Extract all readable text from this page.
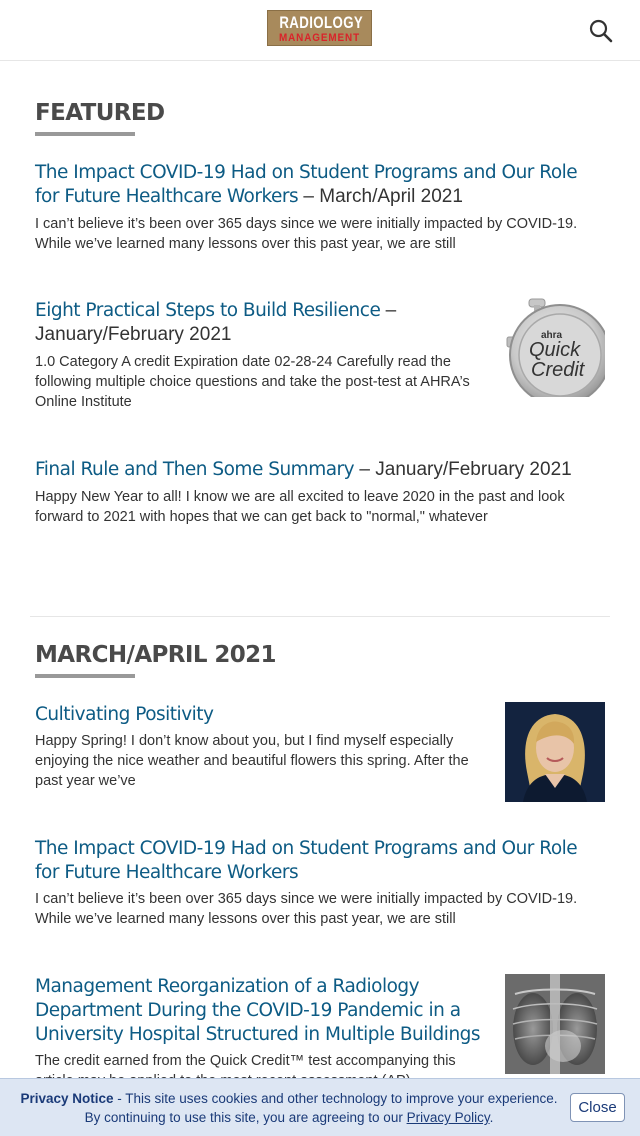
RADIOLOGY
MANAGEMENT
FEATURED
The Impact COVID-19 Had on Student Programs and Our Role for Future Healthcare Workers – March/April 2021
I can’t believe it’s been over 365 days since we were initially impacted by COVID-19. While we’ve learned many lessons over this past year, we are still
Eight Practical Steps to Build Resilience –
January/February 2021
1.0 Category A credit Expiration date 02-28-24 Carefully read the following multiple choice questions and take the post-test at AHRA’s Online Institute
ahra
Quick
Credit
Final Rule and Then Some Summary – January/February 2021
Happy New Year to all! I know we are all excited to leave 2020 in the past and look forward to 2021 with hopes that we can get back to "normal," whatever
MARCH/APRIL 2021
Cultivating Positivity
Happy Spring! I don’t know about you, but I find myself especially enjoying the nice weather and beautiful flowers this spring. After the past year we’ve
The Impact COVID-19 Had on Student Programs and Our Role for Future Healthcare Workers
I can’t believe it’s been over 365 days since we were initially impacted by COVID-19. While we’ve learned many lessons over this past year, we are still
Management Reorganization of a Radiology Department During the COVID-19 Pandemic in a University Hospital Structured in Multiple Buildings
The credit earned from the Quick Credit™ test accompanying this
Privacy Notice - This site uses cookies and other technology to improve your experience. By continuing to use this site, you are agreeing to our Privacy Policy.
Close
